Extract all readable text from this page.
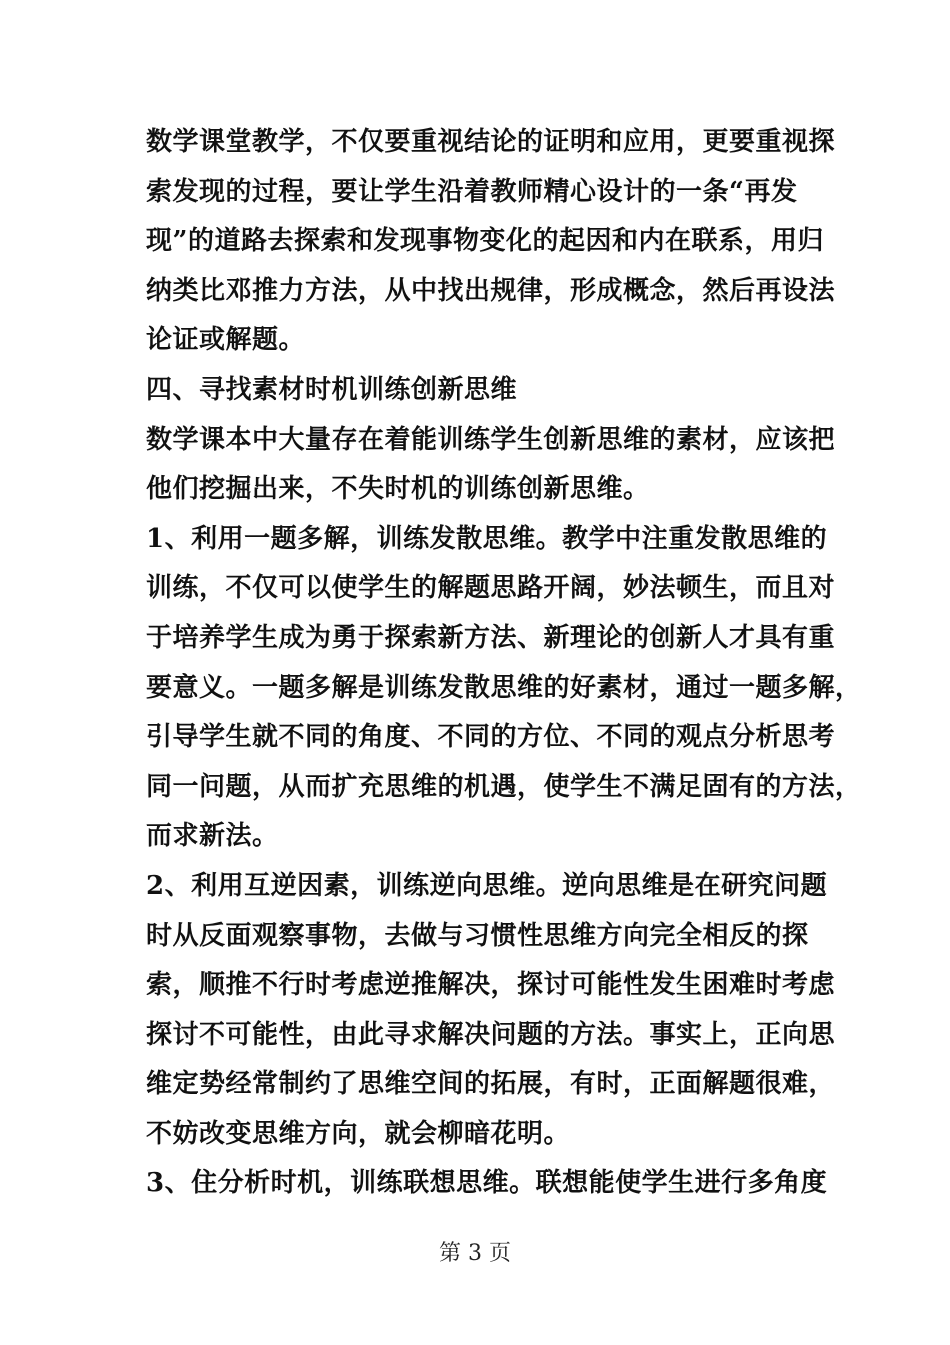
数学课堂教学，不仅要重视结论的证明和应用，更要重视探
索发现的过程，要让学生沿着教师精心设计的一条“再发
现”的道路去探索和发现事物变化的起因和内在联系，用归
纳类比邓推力方法，从中找出规律，形成概念，然后再设法
论证或解题。
四、寻找素材时机训练创新思维
数学课本中大量存在着能训练学生创新思维的素材，应该把
他们挖掘出来，不失时机的训练创新思维。
1、利用一题多解，训练发散思维。教学中注重发散思维的
训练，不仅可以使学生的解题思路开阔，妙法顿生，而且对
于培养学生成为勇于探索新方法、新理论的创新人才具有重
要意义。一题多解是训练发散思维的好素材，通过一题多解，
引导学生就不同的角度、不同的方位、不同的观点分析思考
同一问题，从而扩充思维的机遇，使学生不满足固有的方法，
而求新法。
2、利用互逆因素，训练逆向思维。逆向思维是在研究问题
时从反面观察事物，去做与习惯性思维方向完全相反的探
索，顺推不行时考虑逆推解决，探讨可能性发生困难时考虑
探讨不可能性，由此寻求解决问题的方法。事实上，正向思
维定势经常制约了思维空间的拓展，有时，正面解题很难，
不妨改变思维方向，就会柳暗花明。
3、住分析时机，训练联想思维。联想能使学生进行多角度
第 3 页
